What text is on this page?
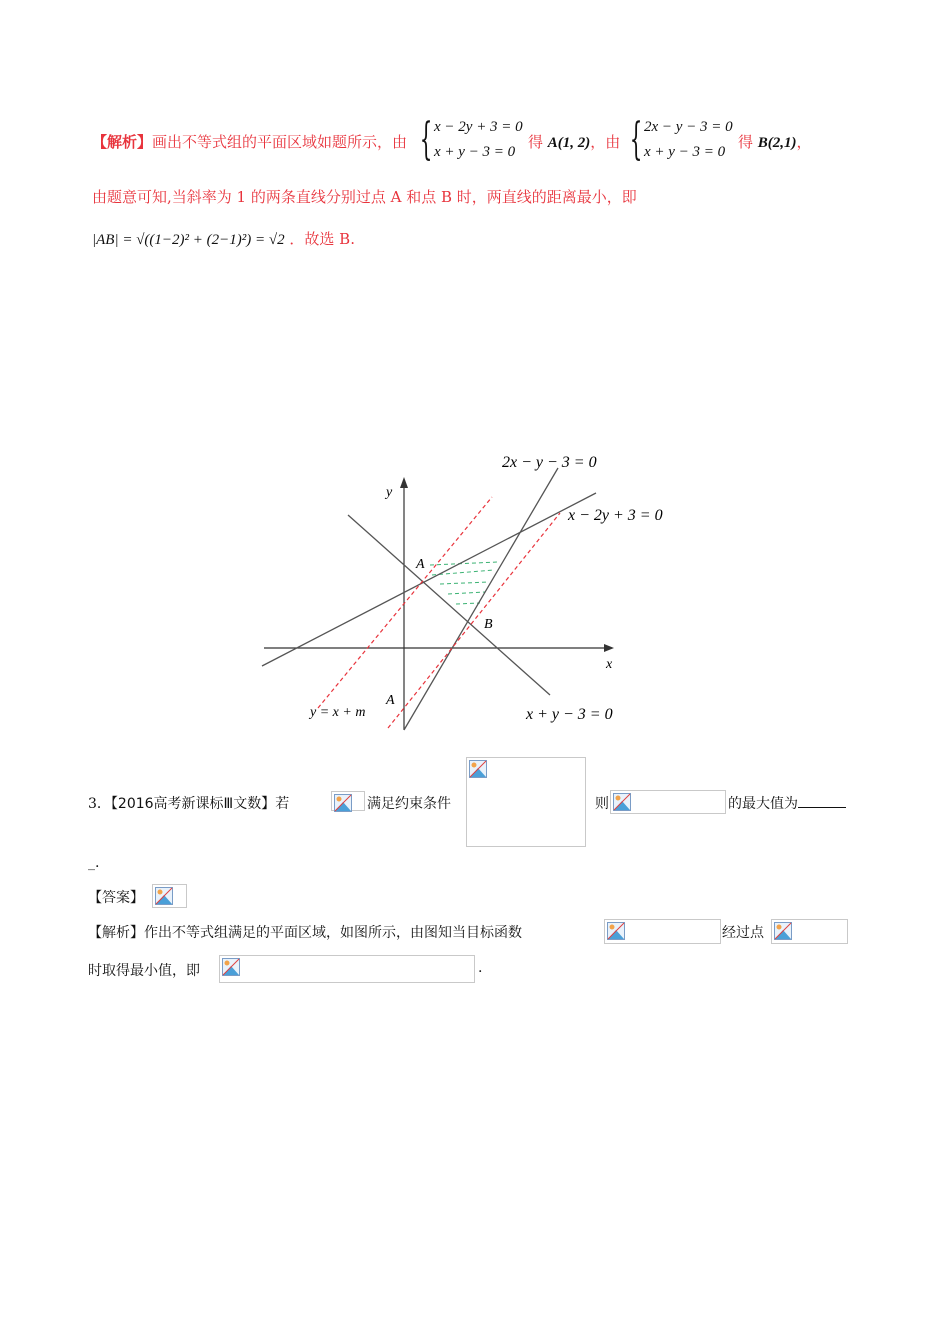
【解析】画出不等式组的平面区域如题所示，由 { x − 2y + 3 = 0
x + y − 3 = 0
得 A(1, 2)，由 { 2x − y − 3 = 0
x + y − 3 = 0
得 B(2,1)，
由题意可知,当斜率为 1 的两条直线分别过点 A 和点 B 时，两直线的距离最小，即
|AB| = √((1−2)² + (2−1)²) = √2 ．故选 B.
2x − y − 3 = 0
x − 2y + 3 = 0
x + y − 3 = 0
y = x + m
x
y
A
B
A
3．【2016高考新课标Ⅲ文数】若	满足约束条件	则	的最大值为
_.
【答案】
【解析】作出不等式组满足的平面区域，如图所示，由图知当目标函数	经过点
时取得最小值，即	.
